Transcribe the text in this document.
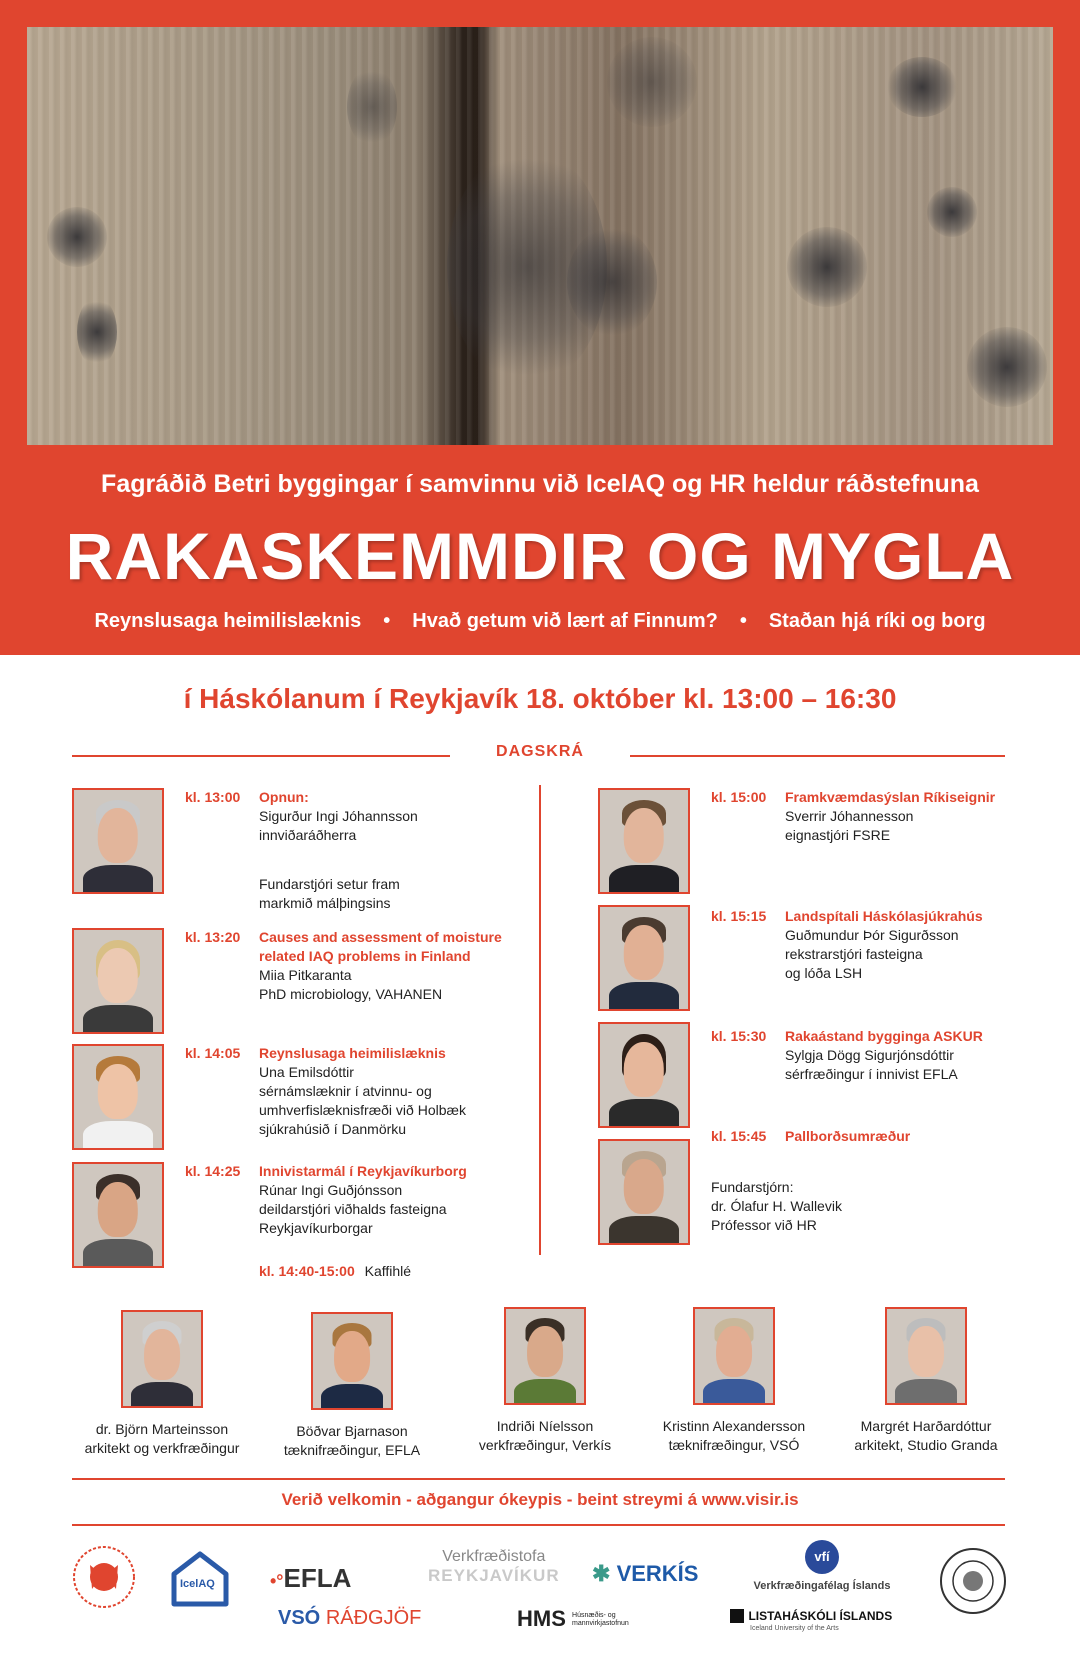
Fagráðið Betri byggingar í samvinnu við IcelAQ og HR heldur ráðstefnuna
RAKASKEMMDIR OG MYGLA
Reynslusaga heimilislæknis • Hvað getum við lært af Finnum? • Staðan hjá ríki og borg
í Háskólanum í Reykjavík 18. október kl. 13:00 – 16:30
DAGSKRÁ
kl. 13:00 Opnun:
Sigurður Ingi Jóhannsson
innviðaráðherra
Fundarstjóri setur fram
markmið málþingsins
kl. 13:20 Causes and assessment of moisture related IAQ problems in Finland
Miia Pitkaranta
PhD microbiology, VAHANEN
kl. 14:05 Reynslusaga heimilislæknis
Una Emilsdóttir
sérnámslæknir í atvinnu- og
umhverfislæknisfræði við Holbæk
sjúkrahúsið í Danmörku
kl. 14:25 Innivistarmál í Reykjavíkurborg
Rúnar Ingi Guðjónsson
deildarstjóri viðhalds fasteigna
Reykjavíkurborgar
kl. 14:40-15:00 Kaffihlé
kl. 15:00 Framkvæmdasýslan Ríkiseignir
Sverrir Jóhannesson
eignastjóri FSRE
kl. 15:15 Landspítali Háskólasjúkrahús
Guðmundur Þór Sigurðsson
rekstrarstjóri fasteigna
og lóða LSH
kl. 15:30 Rakaástand bygginga ASKUR
Sylgja Dögg Sigurjónsdóttir
sérfræðingur í innivist EFLA
kl. 15:45 Pallborðsumræður
Fundarstjórn:
dr. Ólafur H. Wallevik
Prófessor við HR
dr. Björn Marteinsson
arkitekt og verkfræðingur
Böðvar Bjarnason
tæknifræðingur, EFLA
Indriði Níelsson
verkfræðingur, Verkís
Kristinn Alexandersson
tæknifræðingur, VSÓ
Margrét Harðardóttur
arkitekt, Studio Granda
Verið velkomin - aðgangur ókeypis - beint streymi á www.visir.is
IcelAQ	•°EFLA
Verkfræðistofa
REYKJAVÍKUR ✱ VERKÍS
vfí
Verkfræðingafélag Íslands
VSÓ RÁÐGJÖF	HMS Húsnæðis- og mannvirkjastofnun
LISTAHÁSKÓLI ÍSLANDS
Iceland University of the Arts
